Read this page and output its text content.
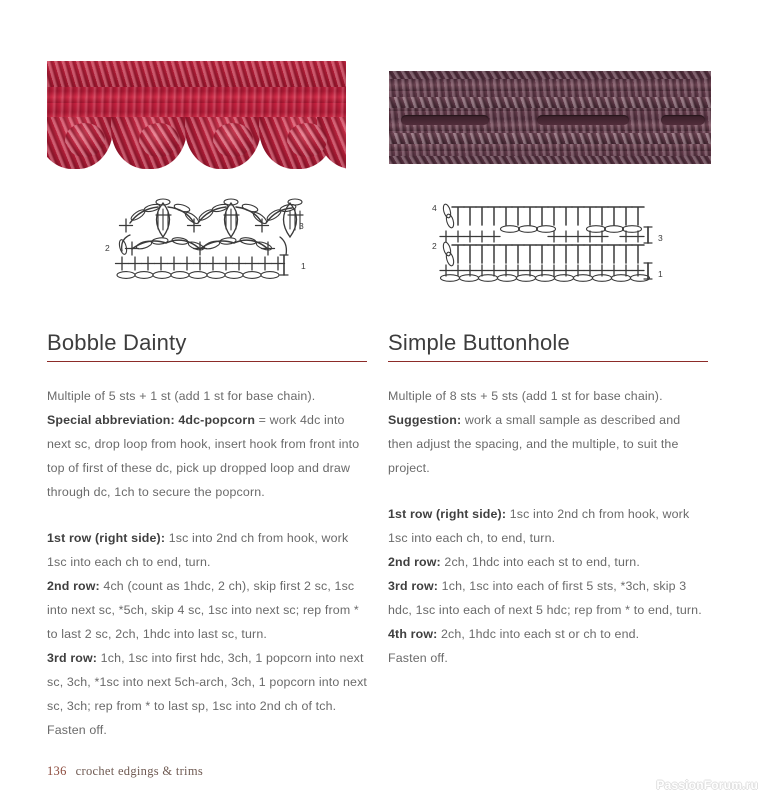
2
1
3
4
2
3
1
Bobble Dainty

Multiple of 5 sts + 1 st (add 1 st for base chain).

Special abbreviation: 4dc-popcorn = work 4dc into next sc, drop loop from hook, insert hook from front into top of first of these dc, pick up dropped loop and draw through dc, 1ch to secure the popcorn.

1st row (right side): 1sc into 2nd ch from hook, work 1sc into each ch to end, turn.

2nd row: 4ch (count as 1hdc, 2 ch), skip first 2 sc, 1sc into next sc, *5ch, skip 4 sc, 1sc into next sc; rep from * to last 2 sc, 2ch, 1hdc into last sc, turn.

3rd row: 1ch, 1sc into first hdc, 3ch, 1 popcorn into next sc, 3ch, *1sc into next 5ch-arch, 3ch, 1 popcorn into next sc, 3ch; rep from * to last sp, 1sc into 2nd ch of tch.

Fasten off.

Simple Buttonhole

Multiple of 8 sts + 5 sts (add 1 st for base chain).

Suggestion: work a small sample as described and then adjust the spacing, and the multiple, to suit the project.

1st row (right side): 1sc into 2nd ch from hook, work 1sc into each ch, to end, turn.

2nd row: 2ch, 1hdc into each st to end, turn.

3rd row: 1ch, 1sc into each of first 5 sts, *3ch, skip 3 hdc, 1sc into each of next 5 hdc; rep from * to end, turn.

4th row: 2ch, 1hdc into each st or ch to end.

Fasten off.

136 crochet edgings & trims
PassionForum.ru
